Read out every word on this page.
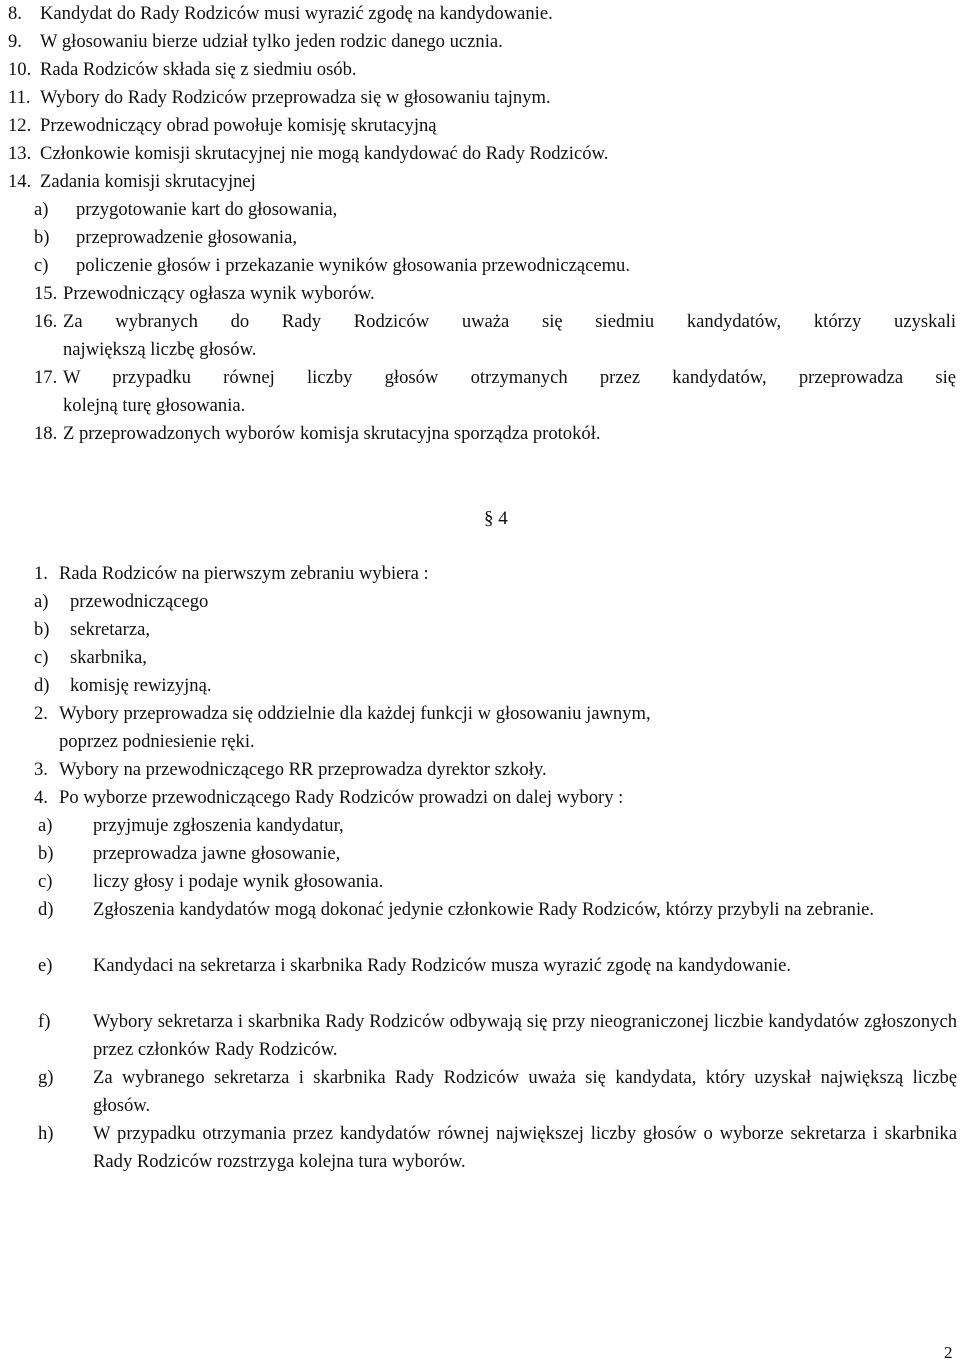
8. Kandydat do Rady Rodziców musi wyrazić zgodę na kandydowanie.
9. W głosowaniu bierze udział tylko jeden rodzic danego ucznia.
10. Rada Rodziców składa się z siedmiu osób.
11. Wybory do Rady Rodziców przeprowadza się w głosowaniu tajnym.
12. Przewodniczący obrad powołuje komisję skrutacyjną
13. Członkowie komisji skrutacyjnej nie mogą kandydować do Rady Rodziców.
14. Zadania komisji skrutacyjnej
a) przygotowanie kart do głosowania,
b) przeprowadzenie głosowania,
c) policzenie głosów i przekazanie wyników głosowania przewodniczącemu.
15. Przewodniczący ogłasza wynik wyborów.
16. Za wybranych do Rady Rodziców uważa się siedmiu kandydatów, którzy uzyskali
największą liczbę głosów.
17. W przypadku równej liczby głosów otrzymanych przez kandydatów, przeprowadza się
kolejną turę głosowania.
18. Z przeprowadzonych wyborów komisja skrutacyjna sporządza protokół.
§ 4
1. Rada Rodziców na pierwszym zebraniu wybiera :
a) przewodniczącego
b) sekretarza,
c) skarbnika,
d) komisję rewizyjną.
2. Wybory przeprowadza się oddzielnie dla każdej funkcji w głosowaniu jawnym,
poprzez podniesienie ręki.
3. Wybory na przewodniczącego RR przeprowadza dyrektor szkoły.
4. Po wyborze przewodniczącego Rady Rodziców prowadzi on dalej wybory :
a) przyjmuje zgłoszenia kandydatur,
b) przeprowadza jawne głosowanie,
c) liczy głosy i podaje wynik głosowania.
d) Zgłoszenia kandydatów mogą dokonać jedynie członkowie Rady Rodziców, którzy przybyli na zebranie.
e) Kandydaci na sekretarza i skarbnika Rady Rodziców musza wyrazić zgodę na kandydowanie.
f) Wybory sekretarza i skarbnika Rady Rodziców odbywają się przy nieograniczonej liczbie kandydatów zgłoszonych przez członków Rady Rodziców.
g) Za wybranego sekretarza i skarbnika Rady Rodziców uważa się kandydata, który uzyskał największą liczbę głosów.
h) W przypadku otrzymania przez kandydatów równej największej liczby głosów o wyborze sekretarza i skarbnika Rady Rodziców rozstrzyga kolejna tura wyborów.
2
